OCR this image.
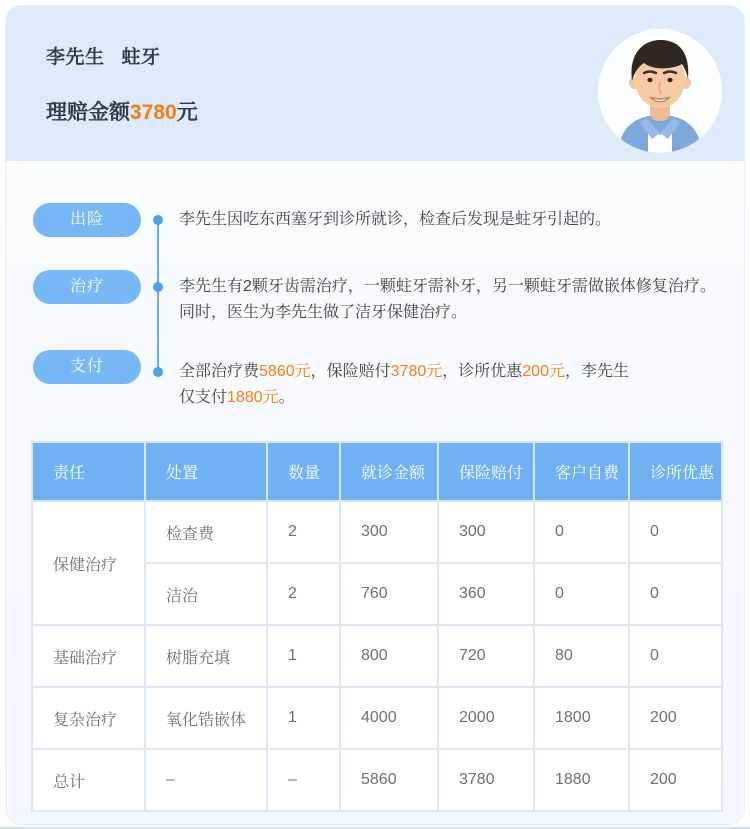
李先生 蛀牙
理赔金额3780元
出险
治疗
支付
李先生因吃东西塞牙到诊所就诊，检查后发现是蛀牙引起的。
李先生有2颗牙齿需治疗，一颗蛀牙需补牙，另一颗蛀牙需做嵌体修复治疗。
同时，医生为李先生做了洁牙保健治疗。
全部治疗费5860元，保险赔付3780元，诊所优惠200元，李先生
仅支付1880元。
责任	处置	数量	就诊金额	保险赔付	客户自费	诊所优惠
保健治疗	检查费	2	300	300	0	0
	洁治	2	760	360	0	0
基础治疗	树脂充填	1	800	720	80	0
复杂治疗	氧化锆嵌体	1	4000	2000	1800	200
总计	–	–	5860	3780	1880	200
